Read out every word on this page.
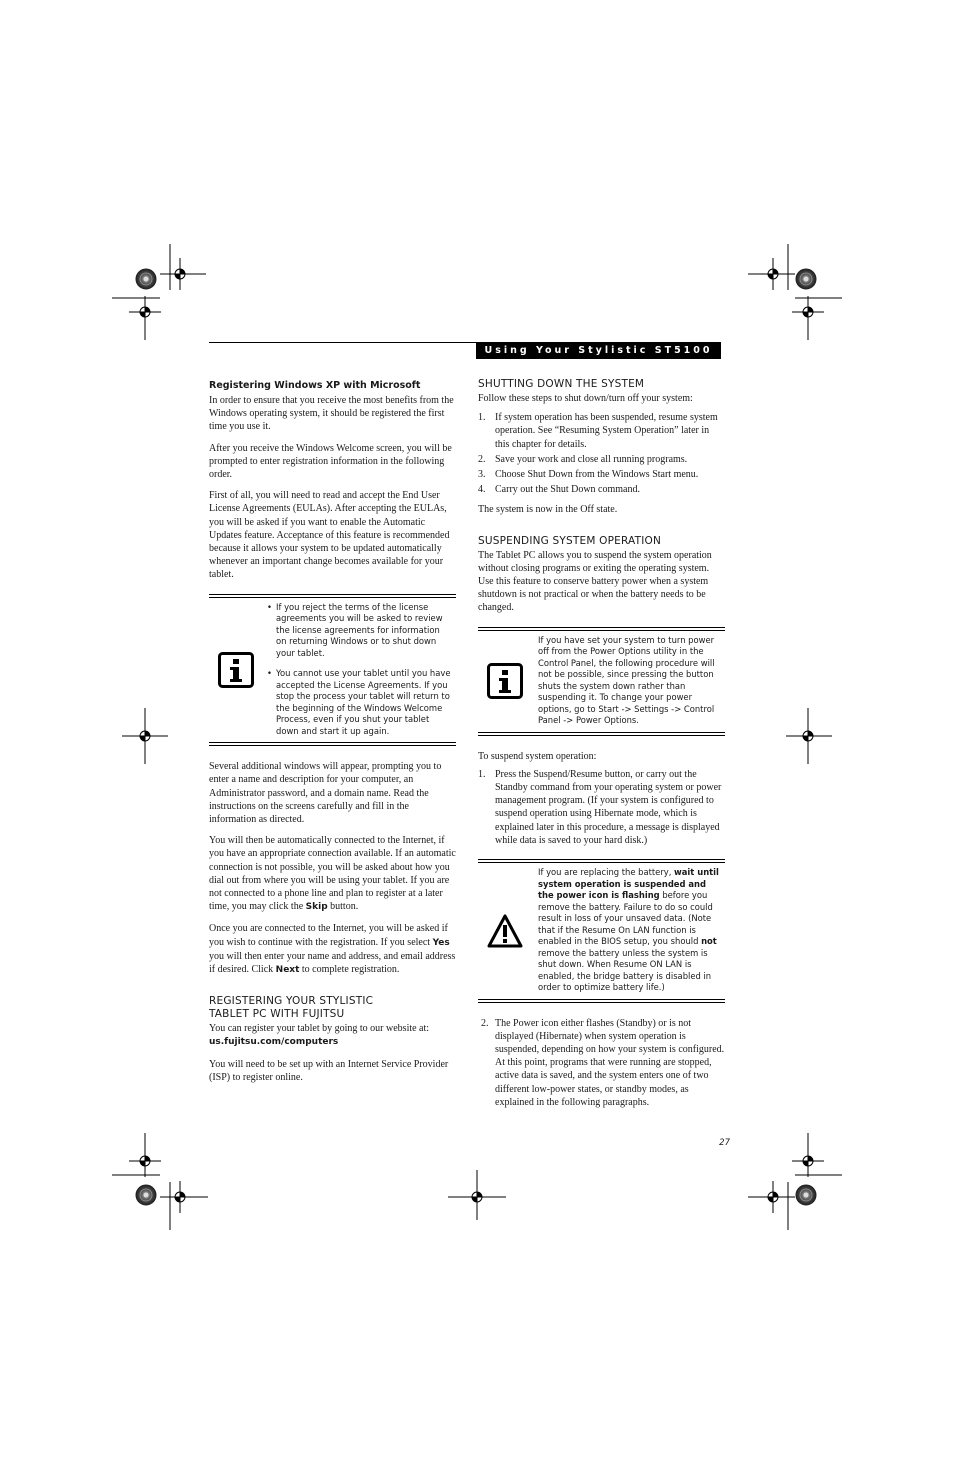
Using Your Stylistic ST5100
Registering Windows XP with Microsoft

In order to ensure that you receive the most benefits from the Windows operating system, it should be registered the first time you use it.

After you receive the Windows Welcome screen, you will be prompted to enter registration information in the following order.

First of all, you will need to read and accept the End User License Agreements (EULAs). After accepting the EULAs, you will be asked if you want to enable the Automatic Updates feature. Acceptance of this feature is recommended because it allows your system to be updated automatically whenever an important change becomes available for your tablet.

• If you reject the terms of the license agreements you will be asked to review the license agreements for information on returning Windows or to shut down your tablet.
• You cannot use your tablet until you have accepted the License Agreements. If you stop the process your tablet will return to the beginning of the Windows Welcome Process, even if you shut your tablet down and start it up again.

Several additional windows will appear, prompting you to enter a name and description for your computer, an Administrator password, and a domain name. Read the instructions on the screens carefully and fill in the information as directed.

You will then be automatically connected to the Internet, if you have an appropriate connection available. If an automatic connection is not possible, you will be asked about how you dial out from where you will be using your tablet. If you are not connected to a phone line and plan to register at a later time, you may click the Skip button.

Once you are connected to the Internet, you will be asked if you wish to continue with the registration. If you select Yes you will then enter your name and address, and email address if desired. Click Next to complete registration.

REGISTERING YOUR STYLISTIC
TABLET PC WITH FUJITSU

You can register your tablet by going to our website at:
us.fujitsu.com/computers

You will need to be set up with an Internet Service Provider (ISP) to register online.

SHUTTING DOWN THE SYSTEM

Follow these steps to shut down/turn off your system:

1. If system operation has been suspended, resume system operation. See “Resuming System Operation” later in this chapter for details.
2. Save your work and close all running programs.
3. Choose Shut Down from the Windows Start menu.
4. Carry out the Shut Down command.

The system is now in the Off state.

SUSPENDING SYSTEM OPERATION

The Tablet PC allows you to suspend the system operation without closing programs or exiting the operating system. Use this feature to conserve battery power when a system shutdown is not practical or when the battery needs to be changed.

If you have set your system to turn power off from the Power Options utility in the Control Panel, the following procedure will not be possible, since pressing the button shuts the system down rather than suspending it. To change your power options, go to Start -> Settings -> Control Panel -> Power Options.

To suspend system operation:

1. Press the Suspend/Resume button, or carry out the Standby command from your operating system or power management program. (If your system is configured to suspend operation using Hibernate mode, which is explained later in this procedure, a message is displayed while data is saved to your hard disk.)
If you are replacing the battery, wait until system operation is suspended and the power icon is flashing before you remove the battery. Failure to do so could result in loss of your unsaved data. (Note that if the Resume On LAN function is enabled in the BIOS setup, you should not remove the battery unless the system is shut down. When Resume ON LAN is enabled, the bridge battery is disabled in order to optimize battery life.)
2. The Power icon either flashes (Standby) or is not displayed (Hibernate) when system operation is suspended, depending on how your system is configured. At this point, programs that were running are stopped, active data is saved, and the system enters one of two different low-power states, or standby modes, as explained in the following paragraphs.
27
